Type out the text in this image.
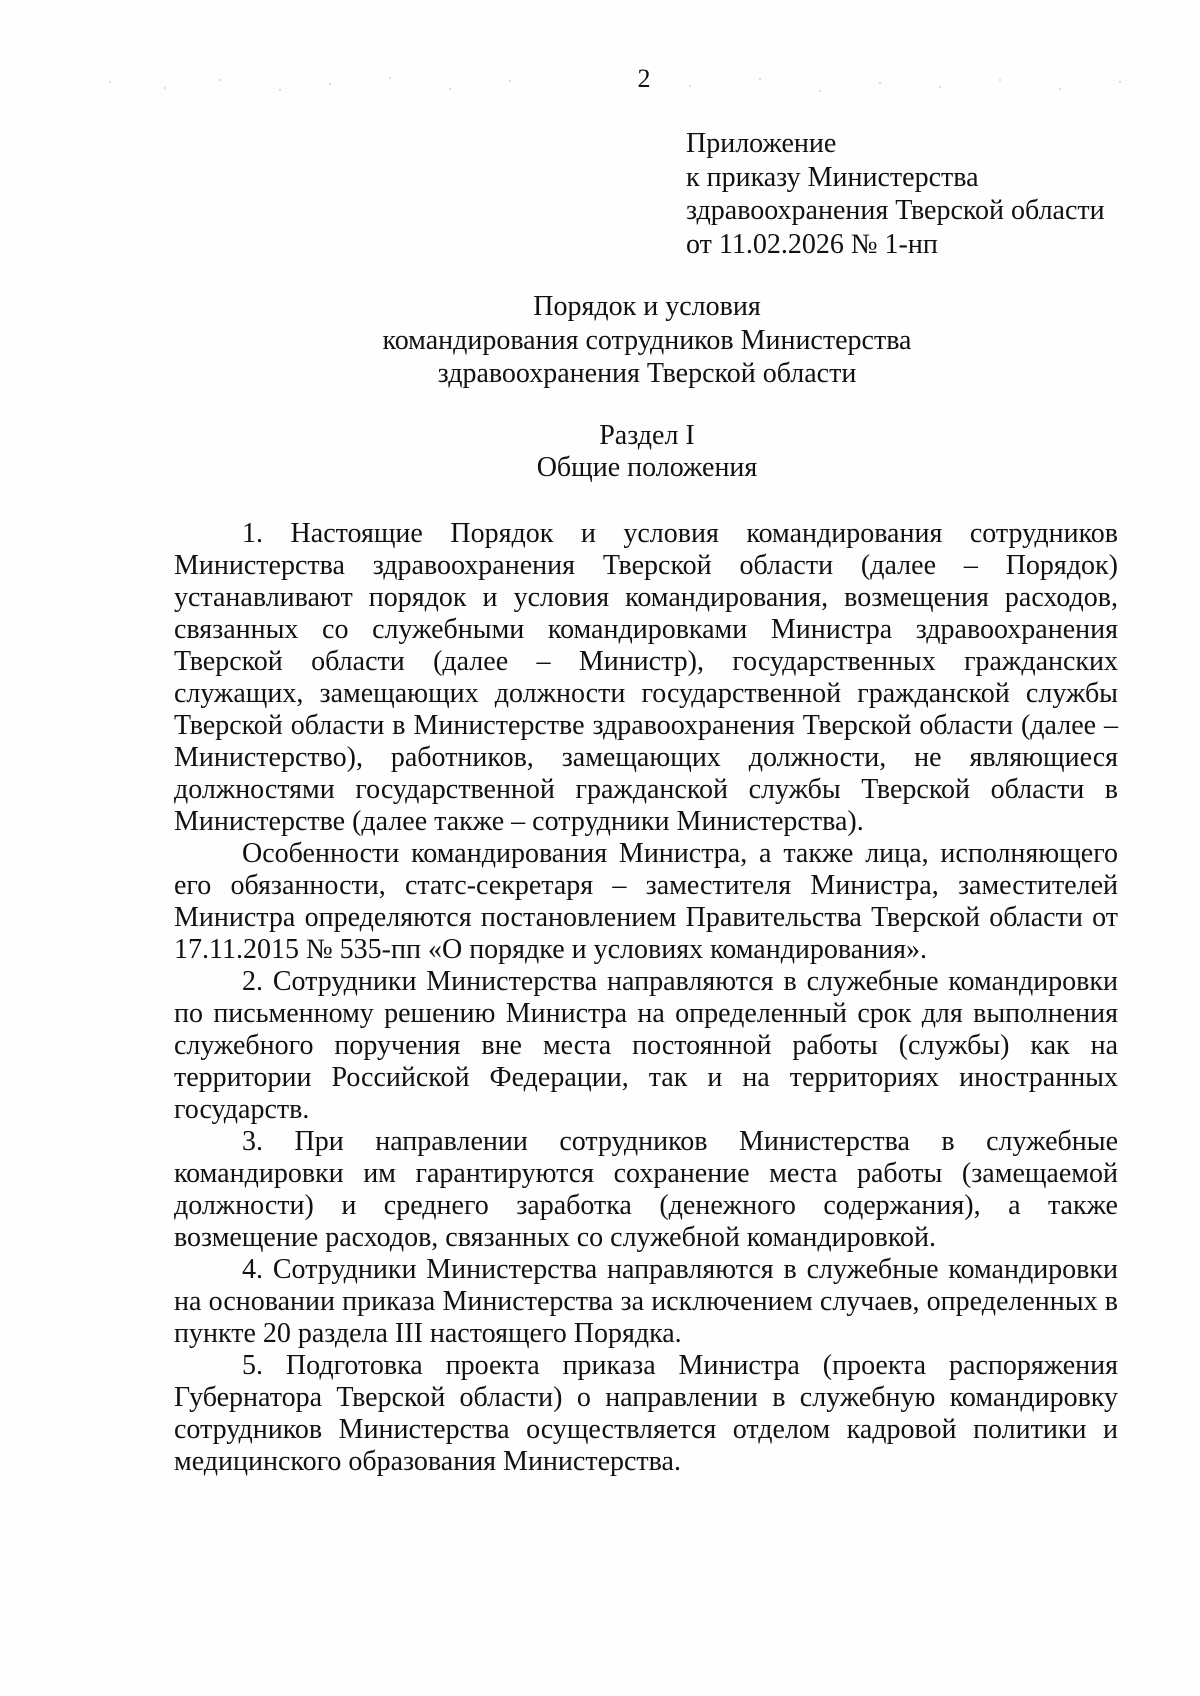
2
Приложение
к приказу Министерства
здравоохранения Тверской области
от 11.02.2026 № 1-нп
Порядок и условия
командирования сотрудников Министерства
здравоохранения Тверской области
Раздел I
Общие положения

1. Настоящие Порядок и условия командирования сотрудников Министерства здравоохранения Тверской области (далее – Порядок) устанавливают порядок и условия командирования, возмещения расходов, связанных со служебными командировками Министра здравоохранения Тверской области (далее – Министр), государственных гражданских служащих, замещающих должности государственной гражданской службы Тверской области в Министерстве здравоохранения Тверской области (далее – Министерство), работников, замещающих должности, не являющиеся должностями государственной гражданской службы Тверской области в Министерстве (далее также – сотрудники Министерства).

Особенности командирования Министра, а также лица, исполняющего его обязанности, статс-секретаря – заместителя Министра, заместителей Министра определяются постановлением Правительства Тверской области от 17.11.2015 № 535-пп «О порядке и условиях командирования».

2. Сотрудники Министерства направляются в служебные командировки по письменному решению Министра на определенный срок для выполнения служебного поручения вне места постоянной работы (службы) как на территории Российской Федерации, так и на территориях иностранных государств.

3. При направлении сотрудников Министерства в служебные командировки им гарантируются сохранение места работы (замещаемой должности) и среднего заработка (денежного содержания), а также возмещение расходов, связанных со служебной командировкой.

4. Сотрудники Министерства направляются в служебные командировки на основании приказа Министерства за исключением случаев, определенных в пункте 20 раздела III настоящего Порядка.

5. Подготовка проекта приказа Министра (проекта распоряжения Губернатора Тверской области) о направлении в служебную командировку сотрудников Министерства осуществляется отделом кадровой политики и медицинского образования Министерства.
